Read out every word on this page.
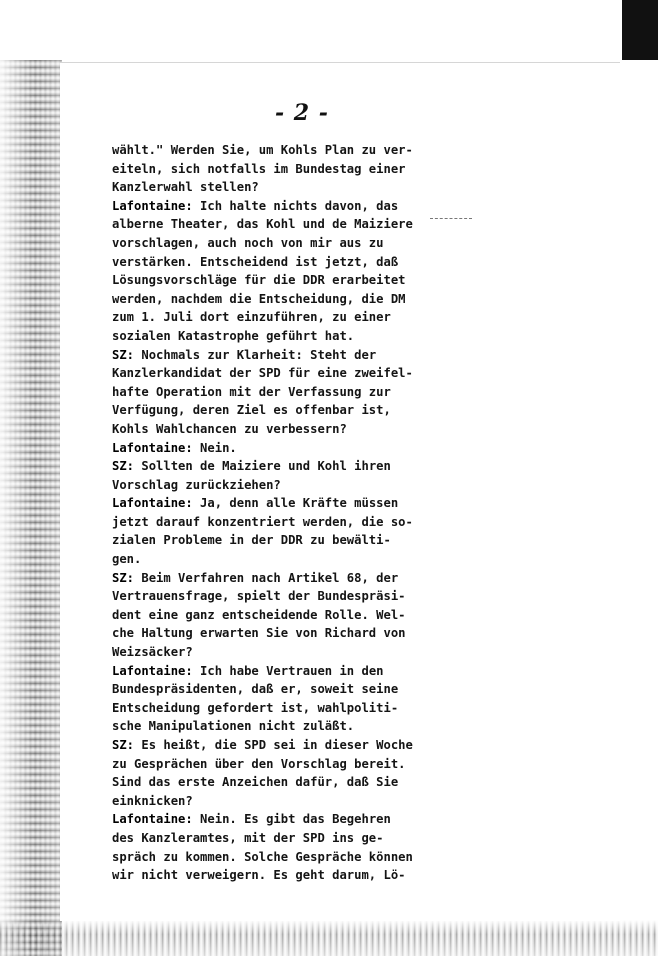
- 2 -
wählt." Werden Sie, um Kohls Plan zu ver-
eiteln, sich notfalls im Bundestag einer
Kanzlerwahl stellen?
Lafontaine: Ich halte nichts davon, das
alberne Theater, das Kohl und de Maiziere
vorschlagen, auch noch von mir aus zu
verstärken. Entscheidend ist jetzt, daß
Lösungsvorschläge für die DDR erarbeitet
werden, nachdem die Entscheidung, die DM
zum 1. Juli dort einzuführen, zu einer
sozialen Katastrophe geführt hat.
SZ: Nochmals zur Klarheit: Steht der
Kanzlerkandidat der SPD für eine zweifel-
hafte Operation mit der Verfassung zur
Verfügung, deren Ziel es offenbar ist,
Kohls Wahlchancen zu verbessern?
Lafontaine: Nein.
SZ: Sollten de Maiziere und Kohl ihren
Vorschlag zurückziehen?
Lafontaine: Ja, denn alle Kräfte müssen
jetzt darauf konzentriert werden, die so-
zialen Probleme in der DDR zu bewälti-
gen.
SZ: Beim Verfahren nach Artikel 68, der
Vertrauensfrage, spielt der Bundespräsi-
dent eine ganz entscheidende Rolle. Wel-
che Haltung erwarten Sie von Richard von
Weizsäcker?
Lafontaine: Ich habe Vertrauen in den
Bundespräsidenten, daß er, soweit seine
Entscheidung gefordert ist, wahlpoliti-
sche Manipulationen nicht zuläßt.
SZ: Es heißt, die SPD sei in dieser Woche
zu Gesprächen über den Vorschlag bereit.
Sind das erste Anzeichen dafür, daß Sie
einknicken?
Lafontaine: Nein. Es gibt das Begehren
des Kanzleramtes, mit der SPD ins ge-
spräch zu kommen. Solche Gespräche können
wir nicht verweigern. Es geht darum, Lö-
